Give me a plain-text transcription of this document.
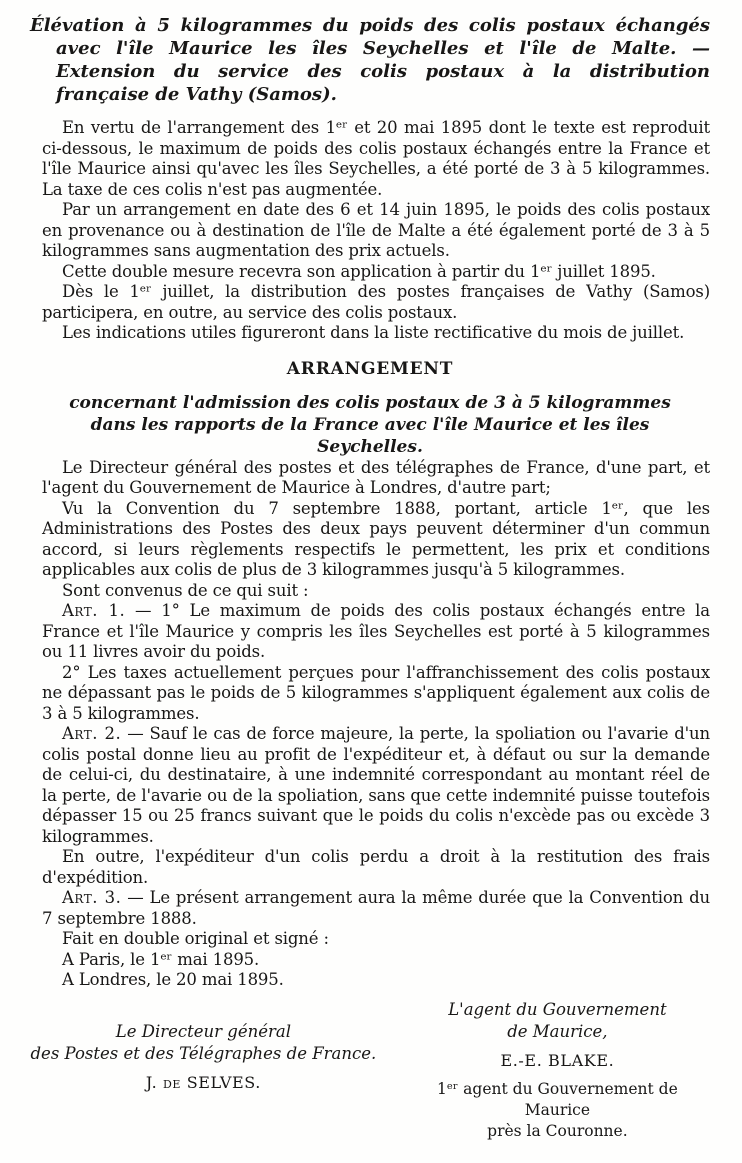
Élévation à 5 kilogrammes du poids des colis postaux échangés avec l'île Maurice les îles Seychelles et l'île de Malte. — Extension du service des colis postaux à la distribution française de Vathy (Samos).

En vertu de l'arrangement des 1ᵉʳ et 20 mai 1895 dont le texte est reproduit ci-dessous, le maximum de poids des colis postaux échangés entre la France et l'île Maurice ainsi qu'avec les îles Seychelles, a été porté de 3 à 5 kilogrammes. La taxe de ces colis n'est pas augmentée.

Par un arrangement en date des 6 et 14 juin 1895, le poids des colis postaux en provenance ou à destination de l'île de Malte a été également porté de 3 à 5 kilogrammes sans augmentation des prix actuels.

Cette double mesure recevra son application à partir du 1ᵉʳ juillet 1895.

Dès le 1ᵉʳ juillet, la distribution des postes françaises de Vathy (Samos) participera, en outre, au service des colis postaux.

Les indications utiles figureront dans la liste rectificative du mois de juillet.

ARRANGEMENT

concernant l'admission des colis postaux de 3 à 5 kilogrammes dans les rapports de la France avec l'île Maurice et les îles Seychelles.

Le Directeur général des postes et des télégraphes de France, d'une part, et l'agent du Gouvernement de Maurice à Londres, d'autre part;

Vu la Convention du 7 septembre 1888, portant, article 1ᵉʳ, que les Administrations des Postes des deux pays peuvent déterminer d'un commun accord, si leurs règlements respectifs le permettent, les prix et conditions applicables aux colis de plus de 3 kilogrammes jusqu'à 5 kilogrammes.

Sont convenus de ce qui suit :

Art. 1. — 1° Le maximum de poids des colis postaux échangés entre la France et l'île Maurice y compris les îles Seychelles est porté à 5 kilogrammes ou 11 livres avoir du poids.

2° Les taxes actuellement perçues pour l'affranchissement des colis postaux ne dépassant pas le poids de 5 kilogrammes s'appliquent également aux colis de 3 à 5 kilogrammes.

Art. 2. — Sauf le cas de force majeure, la perte, la spoliation ou l'avarie d'un colis postal donne lieu au profit de l'expéditeur et, à défaut ou sur la demande de celui-ci, du destinataire, à une indemnité correspondant au montant réel de la perte, de l'avarie ou de la spoliation, sans que cette indemnité puisse toutefois dépasser 15 ou 25 francs suivant que le poids du colis n'excède pas ou excède 3 kilogrammes.

En outre, l'expéditeur d'un colis perdu a droit à la restitution des frais d'expédition.

Art. 3. — Le présent arrangement aura la même durée que la Convention du 7 septembre 1888.

Fait en double original et signé :

A Paris, le 1ᵉʳ mai 1895.

A Londres, le 20 mai 1895.

Le Directeur général

des Postes et des Télégraphes de France.

J. de SELVES.

L'agent du Gouvernement

de Maurice,

E.-E. BLAKE.

1ᵉʳ agent du Gouvernement de Maurice

près la Couronne.
